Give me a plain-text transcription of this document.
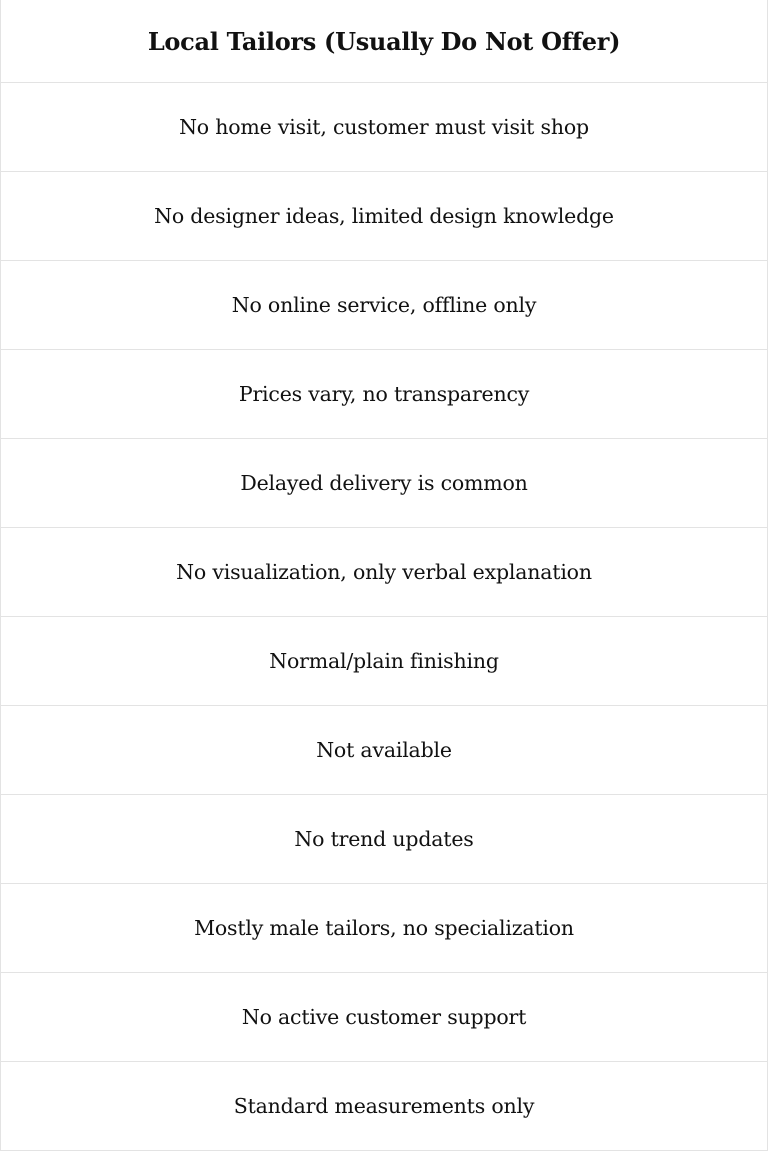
Local Tailors (Usually Do Not Offer)
No home visit, customer must visit shop
No designer ideas, limited design knowledge
No online service, offline only
Prices vary, no transparency
Delayed delivery is common
No visualization, only verbal explanation
Normal/plain finishing
Not available
No trend updates
Mostly male tailors, no specialization
No active customer support
Standard measurements only
